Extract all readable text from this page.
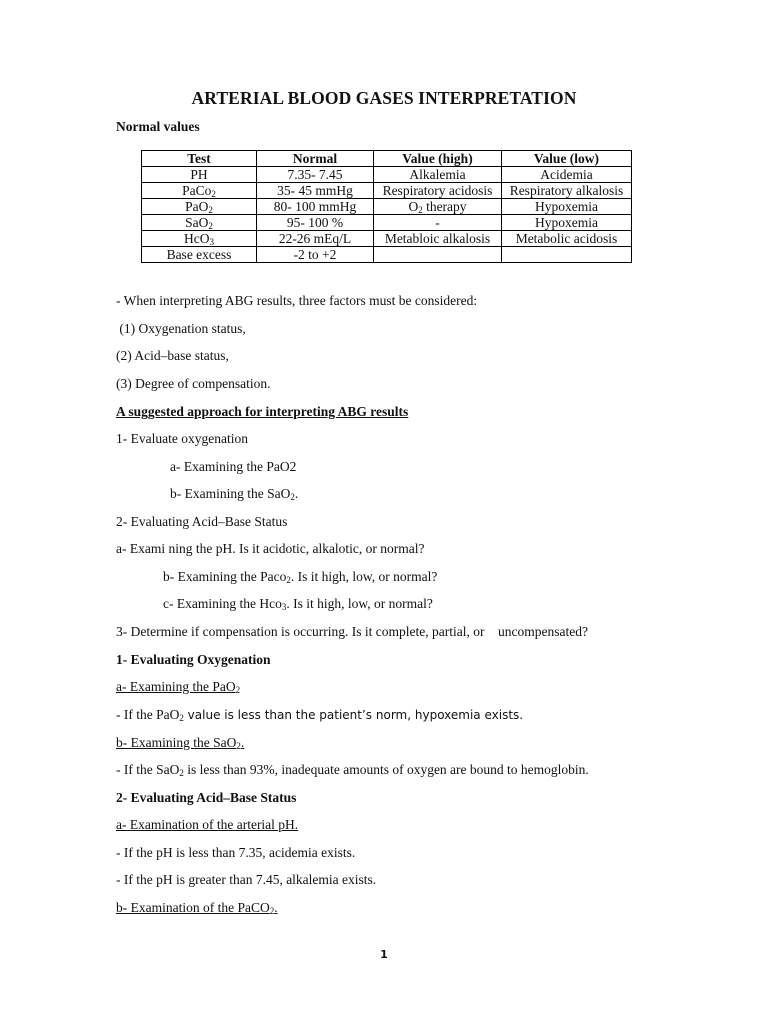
ARTERIAL BLOOD GASES INTERPRETATION
Normal values
Test	Normal	Value (high)	Value (low)
PH	7.35- 7.45	Alkalemia	Acidemia
PaCo$_2$	35- 45 mmHg	Respiratory acidosis	Respiratory alkalosis
PaO$_2$	80- 100 mmHg	$O_2$ therapy	Hypoxemia
SaO$_2$	95- 100 %	-	Hypoxemia
HcO$_3$	22-26 mEq/L	Metabloic alkalosis	Metabolic acidosis
Base excess	-2 to +2		
- When interpreting ABG results, three factors must be considered:
(1) Oxygenation status,
(2) Acid–base status,
(3) Degree of compensation.
A suggested approach for interpreting ABG results
1- Evaluate oxygenation
a- Examining the PaO2
b- Examining the SaO$_2$.
2- Evaluating Acid–Base Status
a- Exami ning the pH. Is it acidotic, alkalotic, or normal?
b- Examining the Paco$_2$. Is it high, low, or normal?
c- Examining the Hco$_3$. Is it high, low, or normal?
3- Determine if compensation is occurring. Is it complete, partial, or    uncompensated?
1- Evaluating Oxygenation
a- Examining the PaO$_2$
- If the PaO$_2$ value is less than the patient’s norm, hypoxemia exists.
b- Examining the SaO$_2$.
- If the SaO$_2$ is less than 93%, inadequate amounts of oxygen are bound to hemoglobin.
2- Evaluating Acid–Base Status
a- Examination of the arterial pH.
- If the pH is less than 7.35, acidemia exists.
- If the pH is greater than 7.45, alkalemia exists.
b- Examination of the PaCO$_2$.
1
